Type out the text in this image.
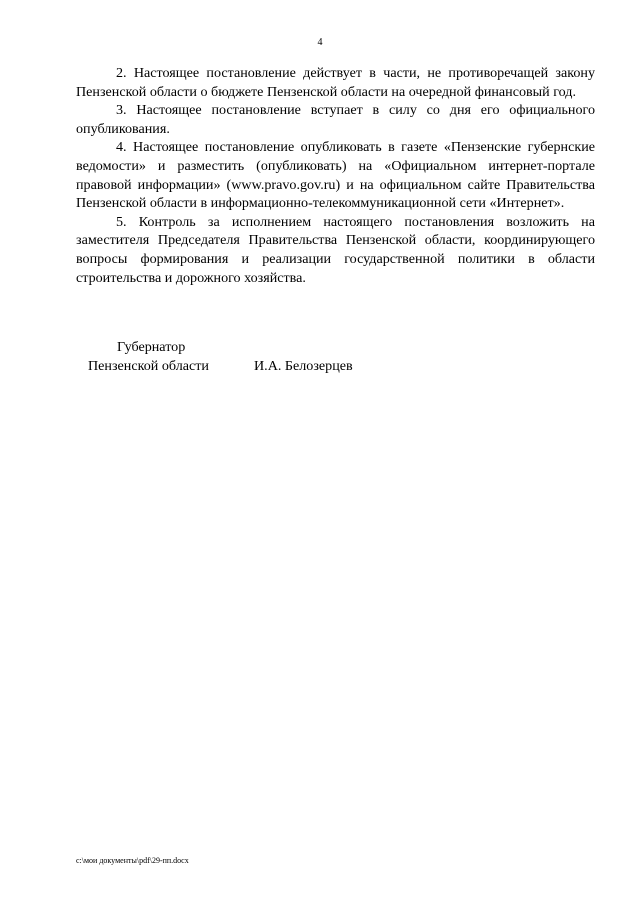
4

2. Настоящее постановление действует в части, не противоречащей закону Пензенской области о бюджете Пензенской области на очередной финансовый год.

3. Настоящее постановление вступает в силу со дня его официального опубликования.

4. Настоящее постановление опубликовать в газете «Пензенские губернские ведомости» и разместить (опубликовать) на «Официальном интернет-портале правовой информации» (www.pravo.gov.ru) и на официальном сайте Правительства Пензенской области в информационно-телекоммуникационной сети «Интернет».

5. Контроль за исполнением настоящего постановления возложить на заместителя Председателя Правительства Пензенской области, координирующего вопросы формирования и реализации государственной политики в области строительства и дорожного хозяйства.

Губернатор
Пензенской области	И.А. Белозерцев
c:\мои документы\pdf\29-пп.docx
